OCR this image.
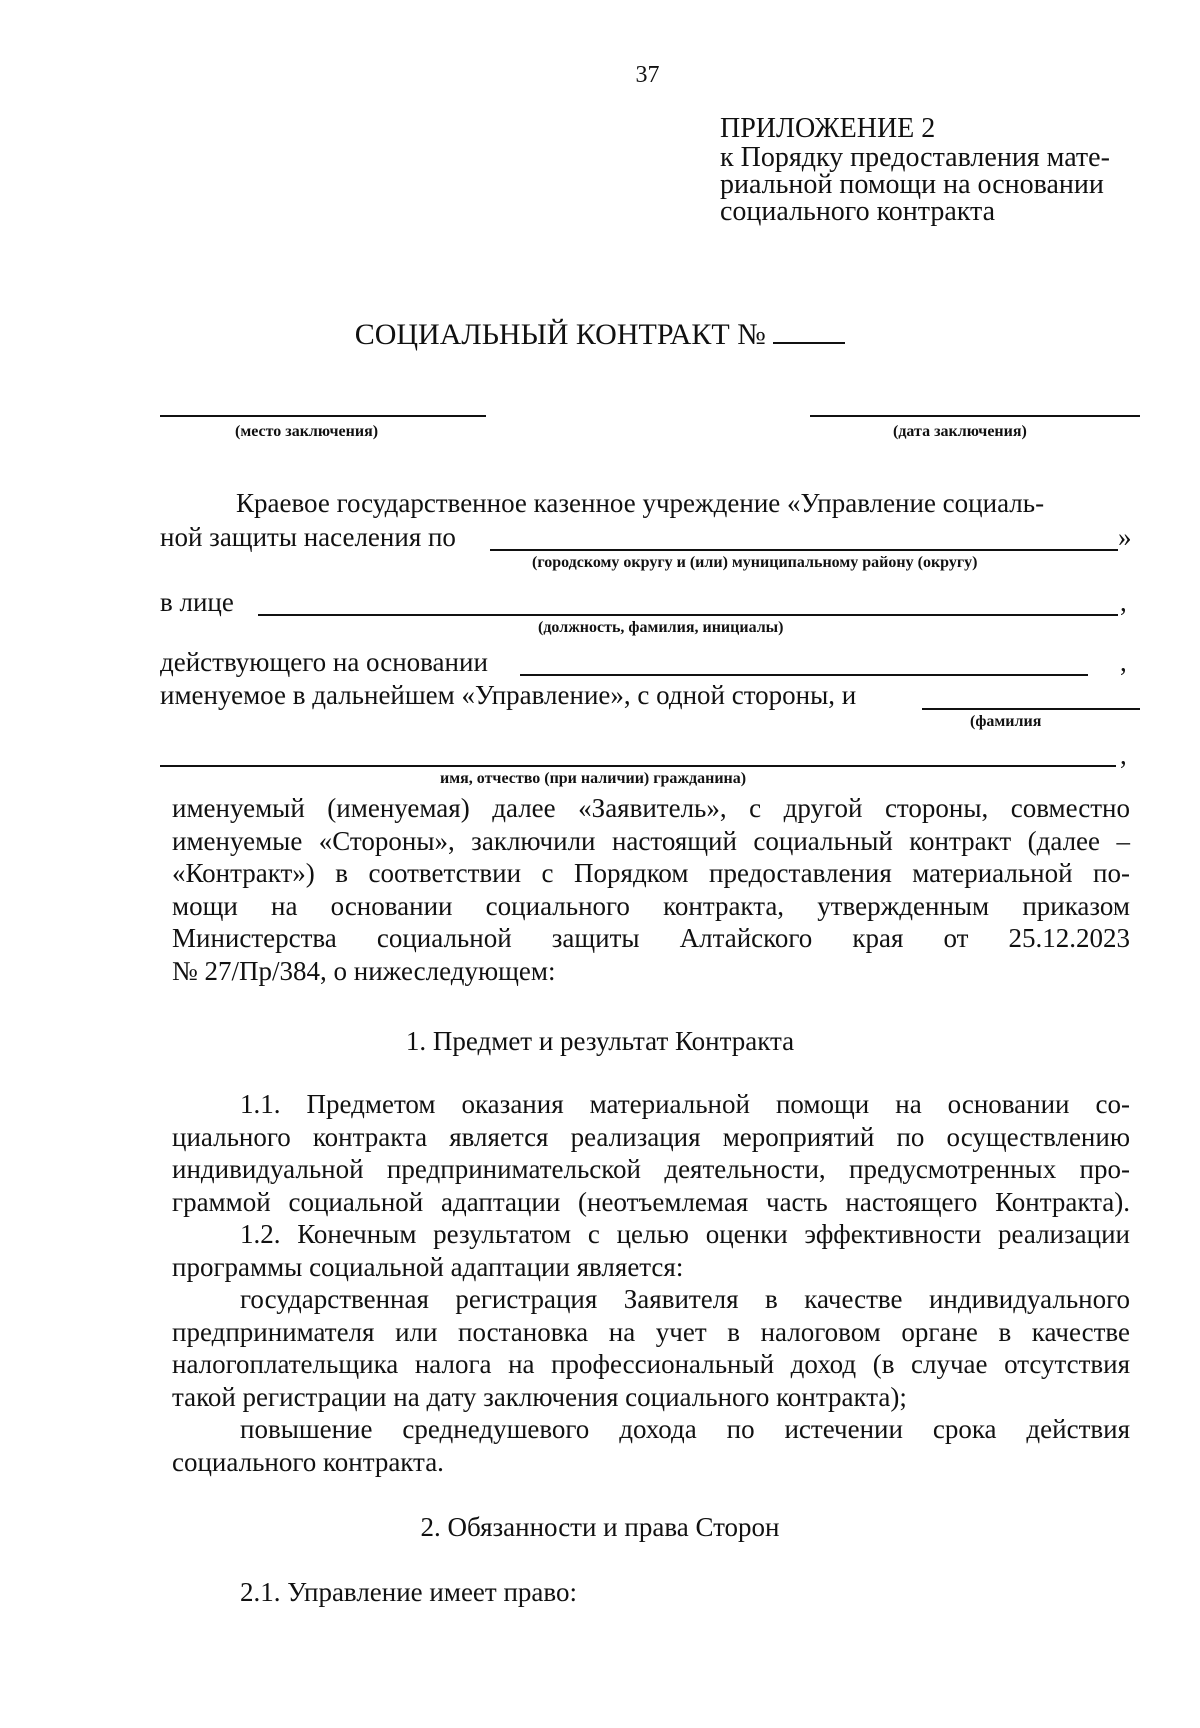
37
ПРИЛОЖЕНИЕ 2
к Порядку предоставления мате-
риальной помощи на основании
социального контракта
СОЦИАЛЬНЫЙ КОНТРАКТ №
(место заключения)	(дата заключения)
Краевое государственное казенное учреждение «Управление социаль-
ной защиты населения по	»
(городскому округу и (или) муниципальному району (округу)
в лице	,
(должность, фамилия, инициалы)
действующего на основании	,
именуемое в дальнейшем «Управление», с одной стороны, и
(фамилия
,
имя, отчество (при наличии) гражданина)
именуемый (именуемая) далее «Заявитель», с другой стороны, совместно
именуемые «Стороны», заключили настоящий социальный контракт (далее –
«Контракт») в соответствии с Порядком предоставления материальной по-
мощи на основании социального контракта, утвержденным приказом
Министерства социальной защиты Алтайского края от 25.12.2023
№ 27/Пр/384, о нижеследующем:
1. Предмет и результат Контракта
1.1. Предметом оказания материальной помощи на основании со-
циального контракта является реализация мероприятий по осуществлению
индивидуальной предпринимательской деятельности, предусмотренных про-
граммой социальной адаптации (неотъемлемая часть настоящего Контракта).
1.2. Конечным результатом с целью оценки эффективности реализации
программы социальной адаптации является:
государственная регистрация Заявителя в качестве индивидуального
предпринимателя или постановка на учет в налоговом органе в качестве
налогоплательщика налога на профессиональный доход (в случае отсутствия
такой регистрации на дату заключения социального контракта);
повышение среднедушевого дохода по истечении срока действия
социального контракта.
2. Обязанности и права Сторон
2.1. Управление имеет право:
